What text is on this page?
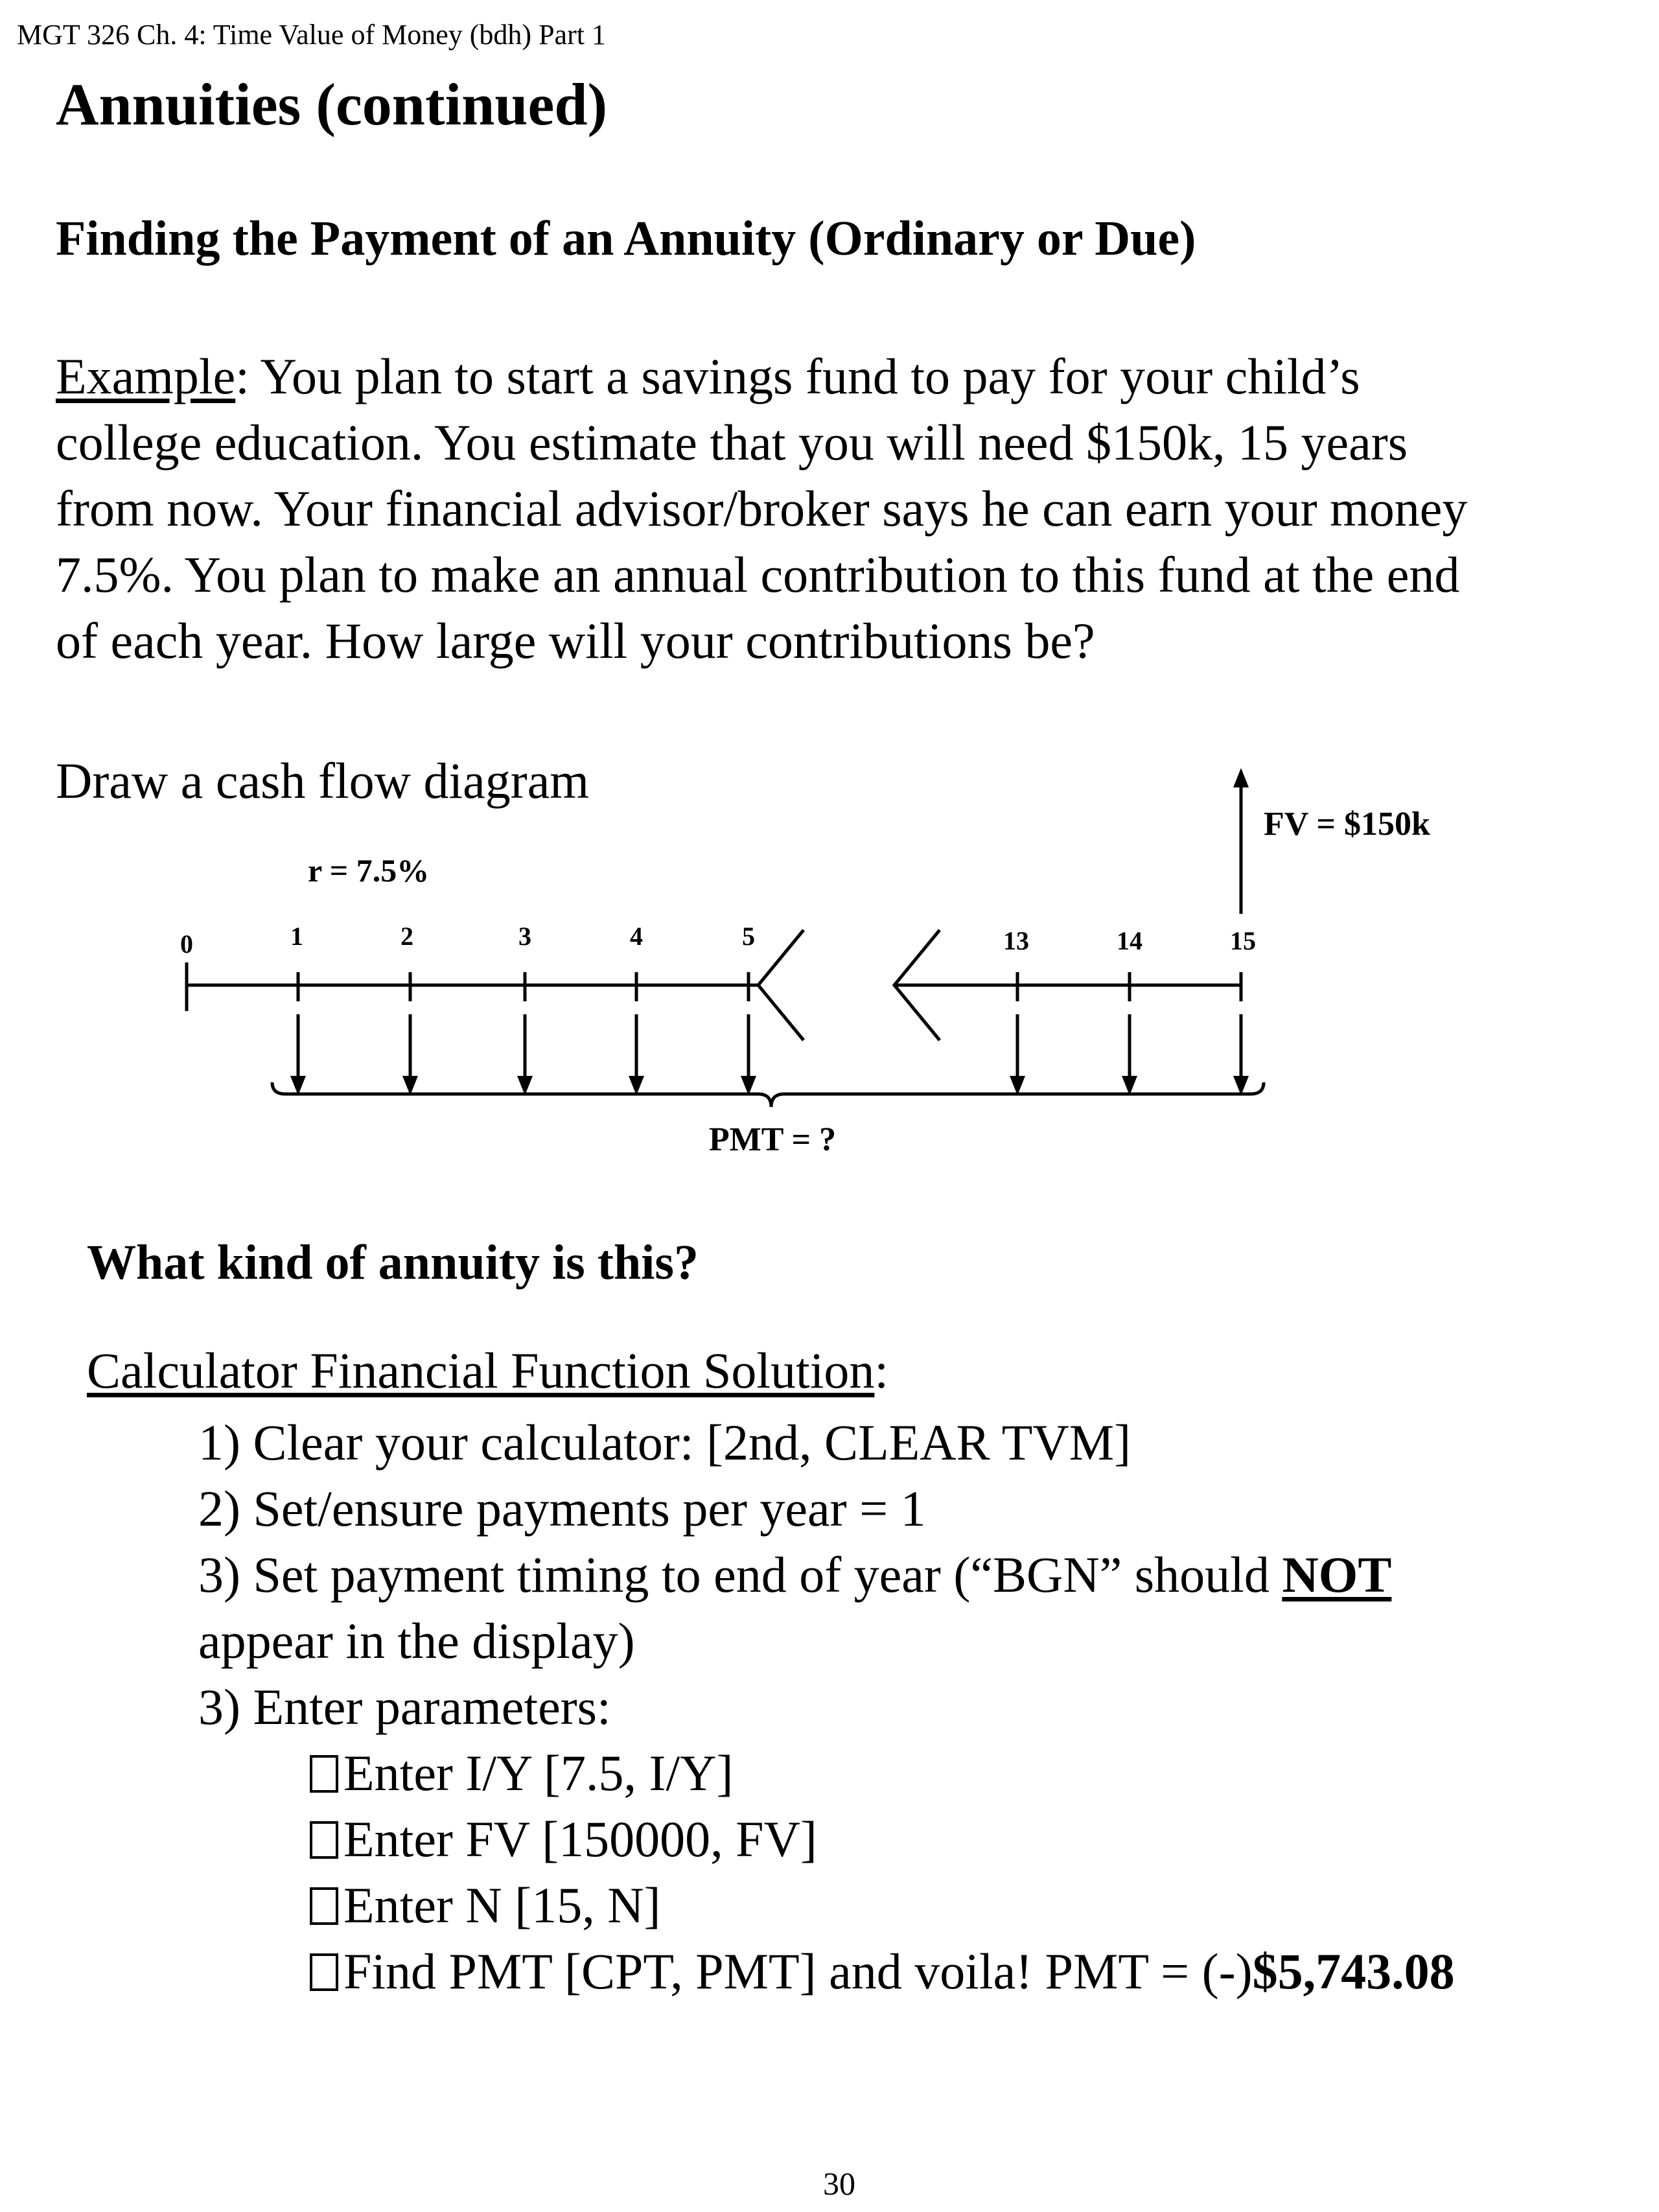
MGT 326 Ch. 4: Time Value of Money (bdh) Part 1
Annuities (continued)
Finding the Payment of an Annuity (Ordinary or Due)
Example: You plan to start a savings fund to pay for your child’s
college education. You estimate that you will need $150k, 15 years
from now. Your financial advisor/broker says he can earn your money
7.5%. You plan to make an annual contribution to this fund at the end
of each year. How large will your contributions be?
Draw a cash flow diagram
0	1	2	3	4	5	13	14	15
r = 7.5%
FV = $150k
PMT = ?
What kind of annuity is this?
Calculator Financial Function Solution:
1) Clear your calculator: [2nd, CLEAR TVM]
2) Set/ensure payments per year = 1
3) Set payment timing to end of year (“BGN” should NOT
appear in the display)
3) Enter parameters:
Enter I/Y [7.5, I/Y]
Enter FV [150000, FV]
Enter N [15, N]
Find PMT [CPT, PMT] and voila! PMT = (-)$5,743.08
30
